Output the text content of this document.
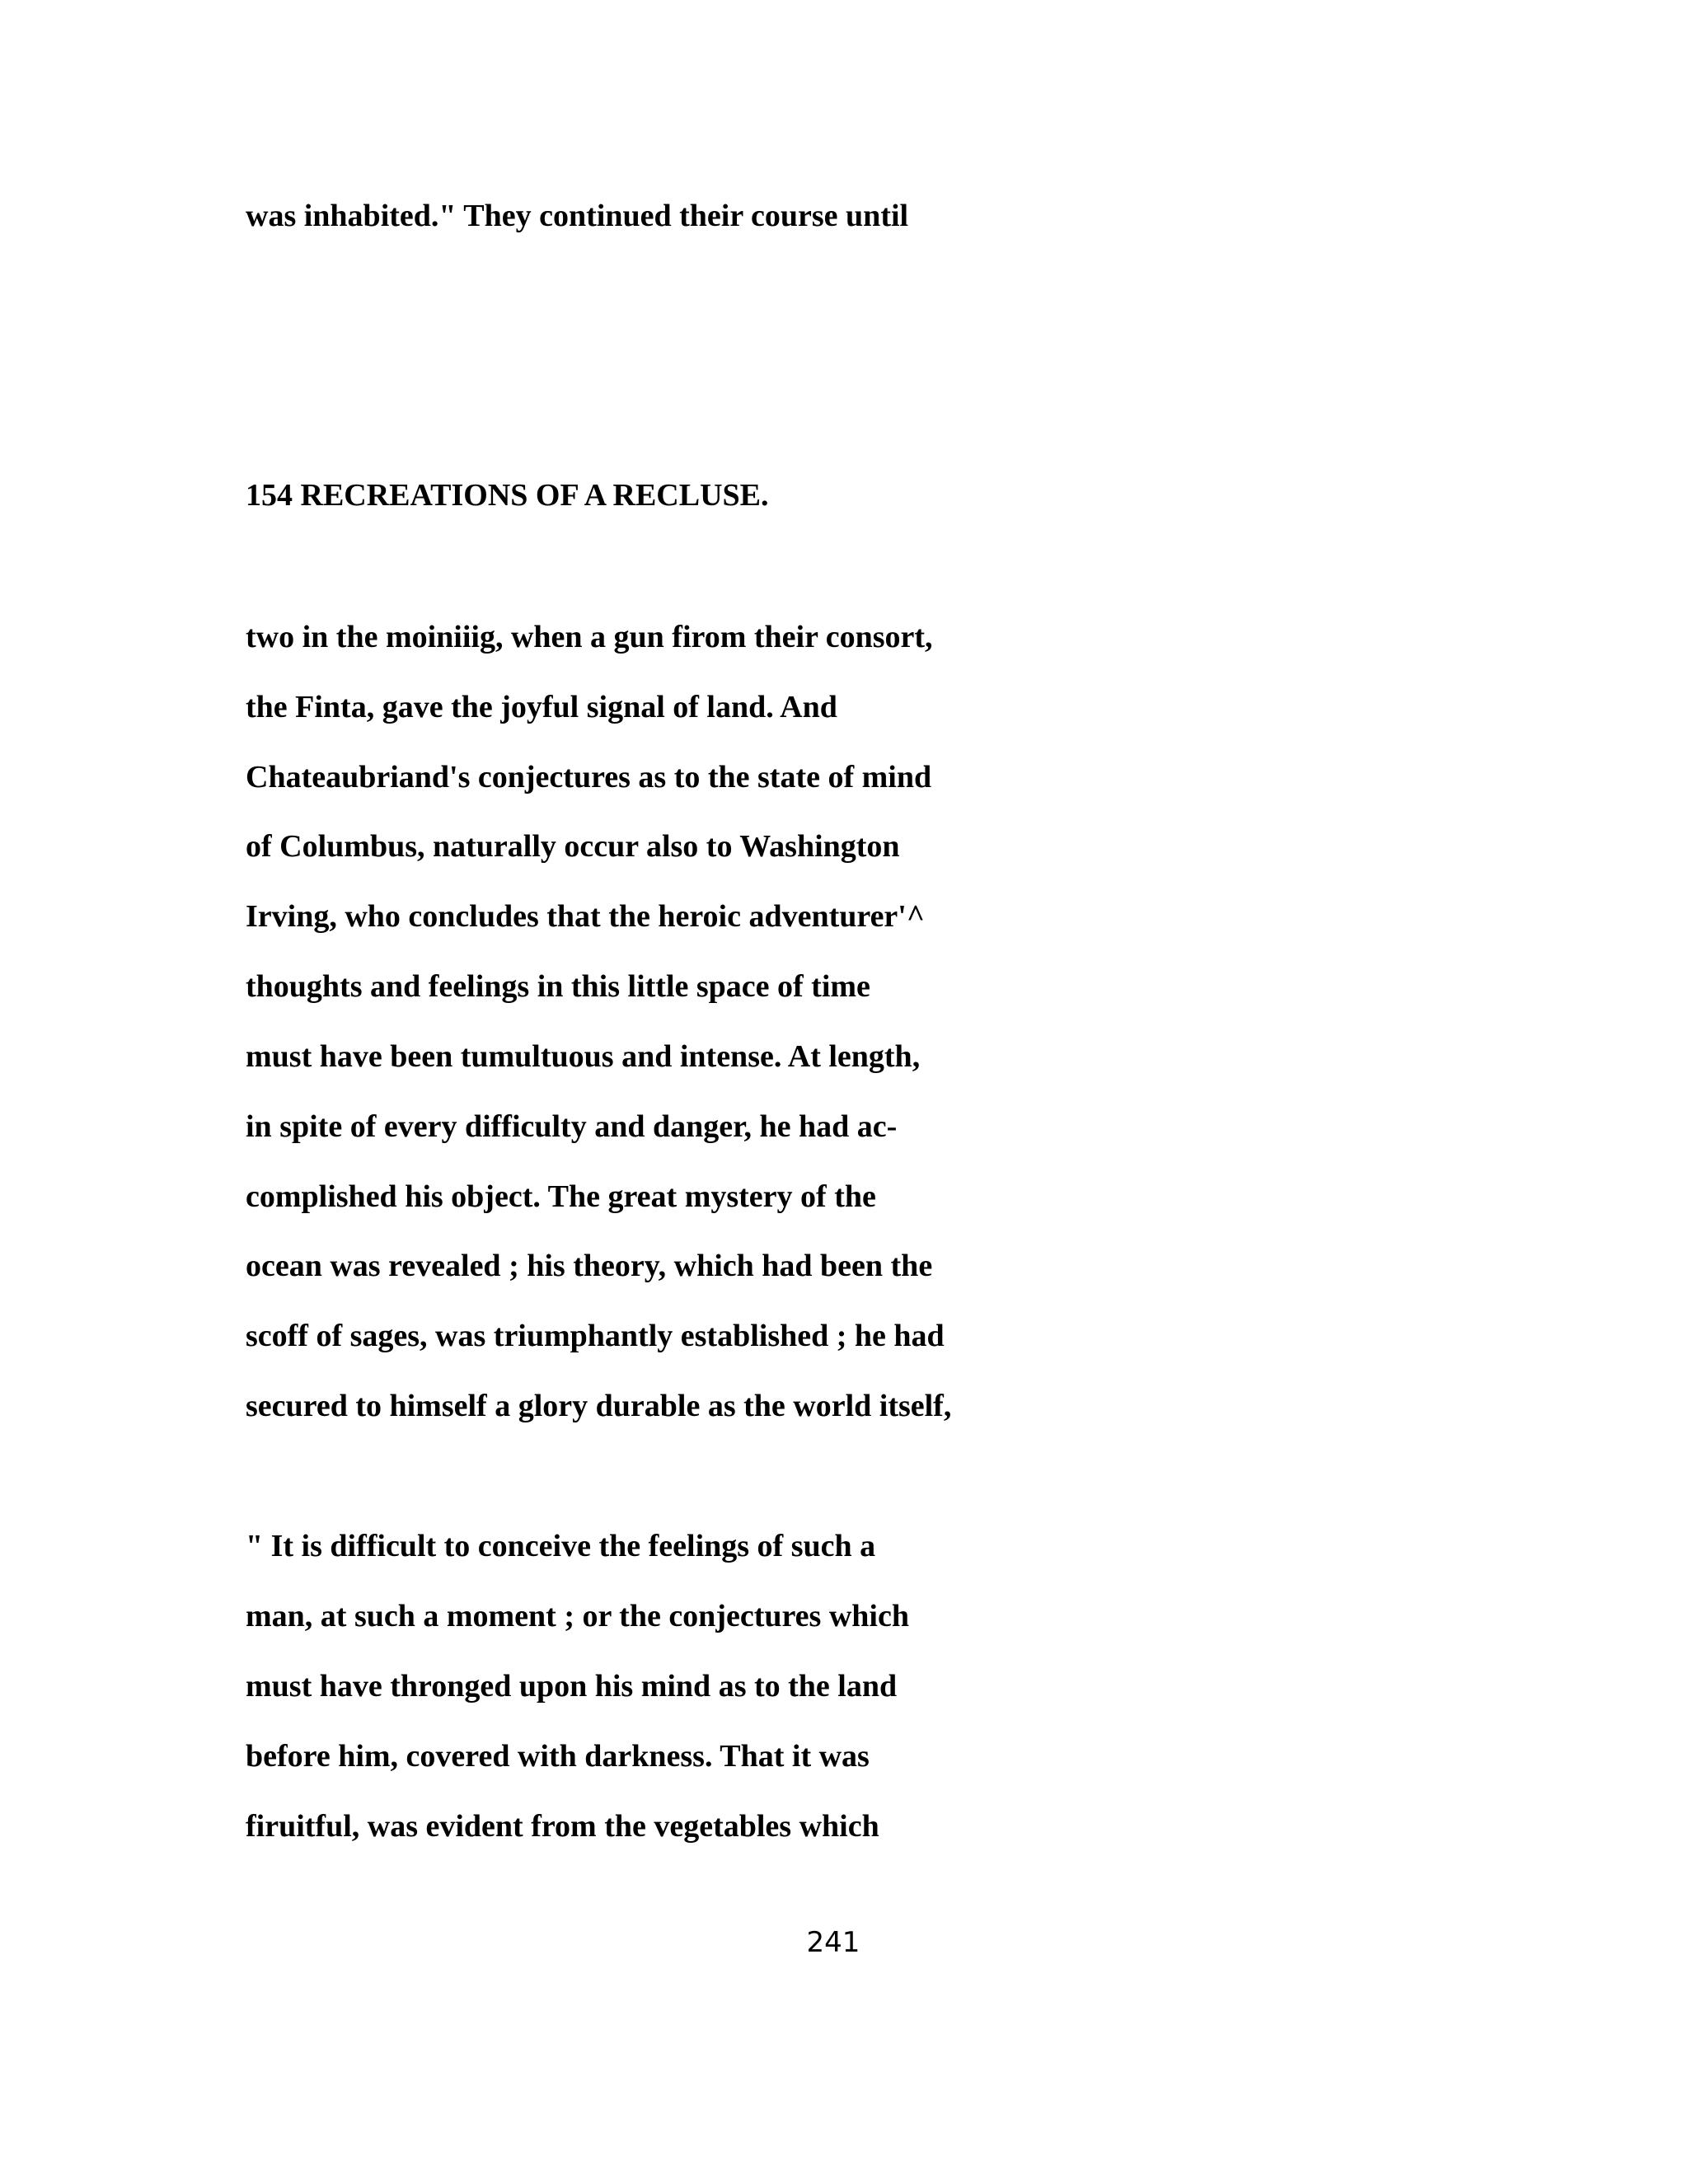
was inhabited." They continued their course until

154 RECREATIONS OF A RECLUSE.

two in the moiniiig, when a gun firom their consort,

the Finta, gave the joyful signal of land. And

Chateaubriand's conjectures as to the state of mind

of Columbus, naturally occur also to Washington

Irving, who concludes that the heroic adventurer'^

thoughts and feelings in this little space of time

must have been tumultuous and intense. At length,

in spite of every difficulty and danger, he had ac-

complished his object. The great mystery of the

ocean was revealed ; his theory, which had been the

scoff of sages, was triumphantly established ; he had

secured to himself a glory durable as the world itself,

" It is difficult to conceive the feelings of such a

man, at such a moment ; or the conjectures which

must have thronged upon his mind as to the land

before him, covered with darkness. That it was

firuitful, was evident from the vegetables which

241
